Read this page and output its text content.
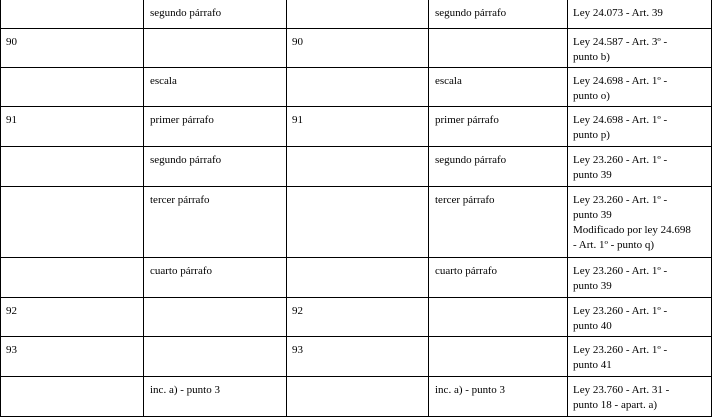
	segundo párrafo		segundo párrafo	Ley 24.073 - Art. 39

90		90		Ley 24.587 - Art. 3º -
punto b)

	escala		escala	Ley 24.698 - Art. 1º -
punto o)

91	primer párrafo	91	primer párrafo	Ley 24.698 - Art. 1º -
punto p)

	segundo párrafo		segundo párrafo	Ley 23.260 - Art. 1º -
punto 39

	tercer párrafo		tercer párrafo	Ley 23.260 - Art. 1º -
punto 39
Modificado por ley 24.698
- Art. 1º - punto q)

	cuarto párrafo		cuarto párrafo	Ley 23.260 - Art. 1º -
punto 39

92		92		Ley 23.260 - Art. 1º -
punto 40

93		93		Ley 23.260 - Art. 1º -
punto 41

	inc. a) - punto 3		inc. a) - punto 3	Ley 23.760 - Art. 31 -
punto 18 - apart. a)
